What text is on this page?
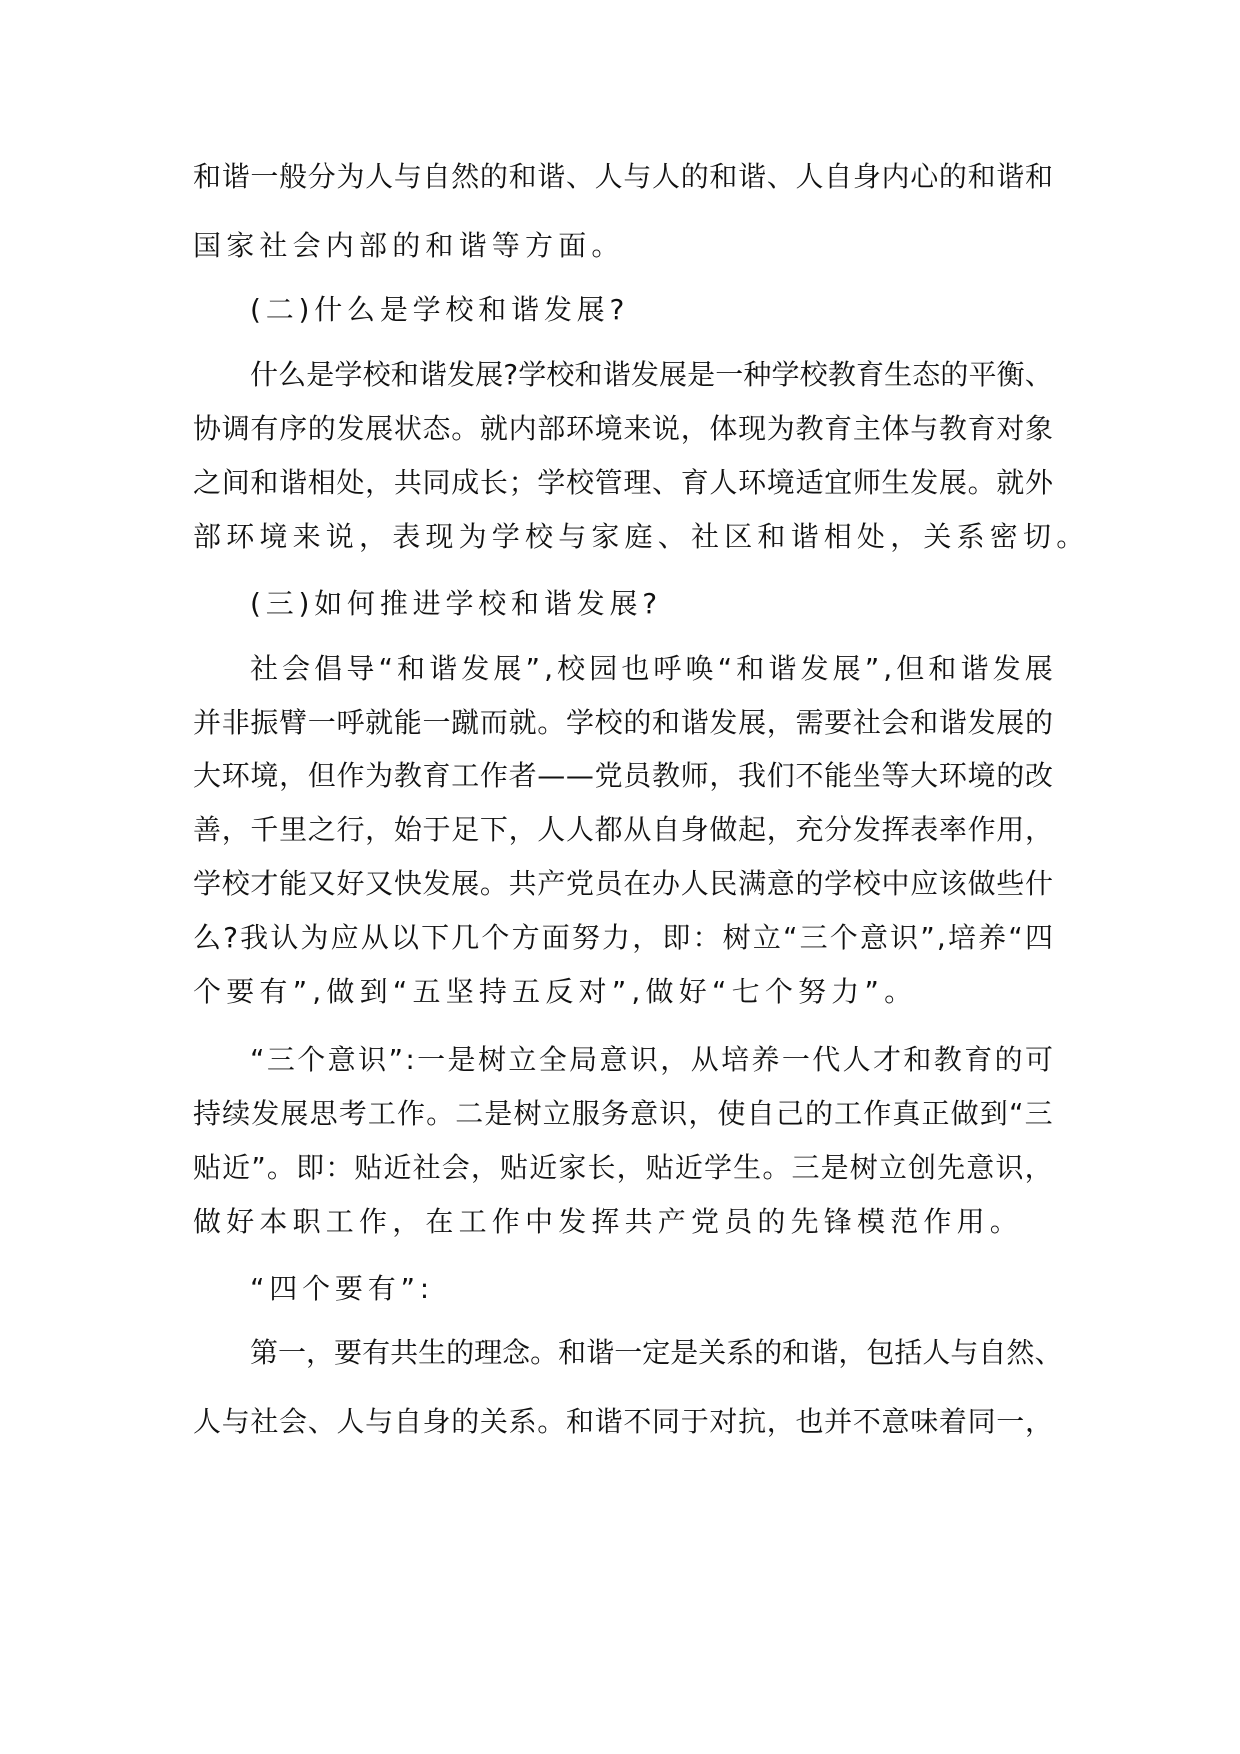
和 谐 一 般 分 为 人 与 自 然 的 和 谐 、 人 与 人 的 和 谐 、 人 自 身 内 心 的 和 谐 和
国家社会内部的和谐等方面。
(二)什么是学校和谐发展?
什 么 是 学 校 和 谐 发 展 ? 学 校 和 谐 发 展 是 一 种 学 校 教 育 生 态 的 平 衡 、
协 调 有 序 的 发 展 状 态 。 就 内 部 环 境 来 说 ， 体 现 为 教 育 主 体 与 教 育 对 象
之 间 和 谐 相 处 ， 共 同 成 长 ； 学 校 管 理 、 育 人 环 境 适 宜 师 生 发 展 。 就 外
部环境来说，表现为学校与家庭、社区和谐相处，关系密切。
(三)如何推进学校和谐发展?
社 会 倡 导 “ 和 谐 发 展 ” , 校 园 也 呼 唤 “ 和 谐 发 展 ” , 但 和 谐 发 展
并 非 振 臂 一 呼 就 能 一 蹴 而 就 。 学 校 的 和 谐 发 展 ， 需 要 社 会 和 谐 发 展 的
大 环 境 ， 但 作 为 教 育 工 作 者 — — 党 员 教 师 ， 我 们 不 能 坐 等 大 环 境 的 改
善 ， 千 里 之 行 ， 始 于 足 下 ， 人 人 都 从 自 身 做 起 ， 充 分 发 挥 表 率 作 用 ，
学 校 才 能 又 好 又 快 发 展 。 共 产 党 员 在 办 人 民 满 意 的 学 校 中 应 该 做 些 什
么 ? 我 认 为 应 从 以 下 几 个 方 面 努 力 ， 即 ： 树 立 “ 三 个 意 识 ” , 培 养 “ 四
个要有”,做到“五坚持五反对”,做好“七个努力”。
“ 三 个 意 识 ” : 一 是 树 立 全 局 意 识 ， 从 培 养 一 代 人 才 和 教 育 的 可
持 续 发 展 思 考 工 作 。 二 是 树 立 服 务 意 识 ， 使 自 己 的 工 作 真 正 做 到 “ 三
贴 近 ” 。 即 ： 贴 近 社 会 ， 贴 近 家 长 ， 贴 近 学 生 。 三 是 树 立 创 先 意 识 ，
做好本职工作，在工作中发挥共产党员的先锋模范作用。
“四个要有”:
第 一 ， 要 有 共 生 的 理 念 。 和 谐 一 定 是 关 系 的 和 谐 ， 包 括 人 与 自 然 、
人 与 社 会 、 人 与 自 身 的 关 系 。 和 谐 不 同 于 对 抗 ， 也 并 不 意 味 着 同 一 ，
